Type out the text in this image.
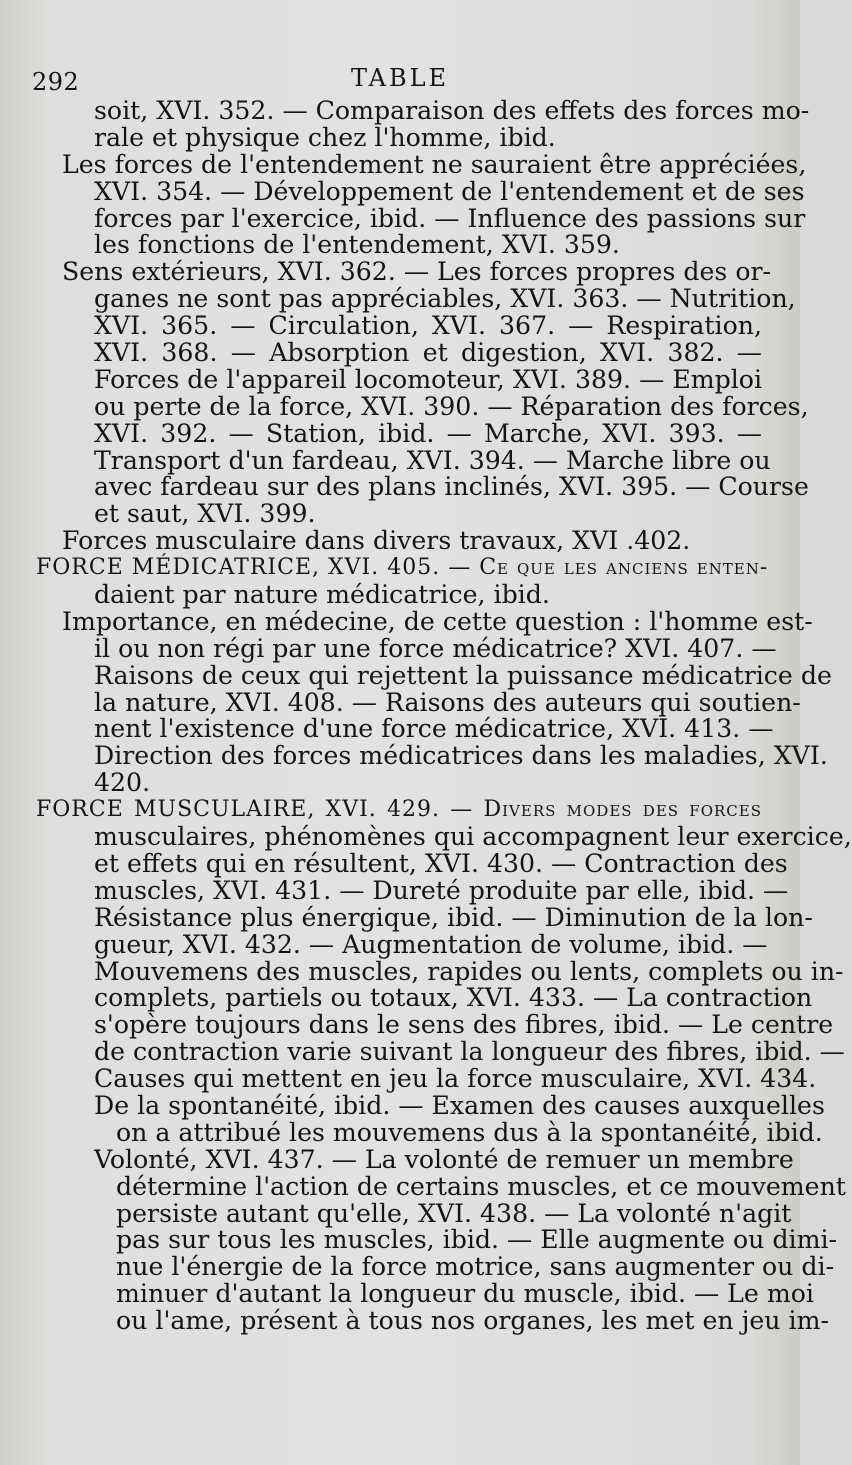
292	TABLE
soit, XVI. 352. — Comparaison des effets des forces mo-
rale et physique chez l'homme, ibid.
Les forces de l'entendement ne sauraient être appréciées,
XVI. 354. — Développement de l'entendement et de ses
forces par l'exercice, ibid. — Influence des passions sur
les fonctions de l'entendement, XVI. 359.
Sens extérieurs, XVI. 362. — Les forces propres des or-
ganes ne sont pas appréciables, XVI. 363. — Nutrition,
XVI. 365. — Circulation, XVI. 367. — Respiration,
XVI. 368. — Absorption et digestion, XVI. 382. —
Forces de l'appareil locomoteur, XVI. 389. — Emploi
ou perte de la force, XVI. 390. — Réparation des forces,
XVI. 392. — Station, ibid. — Marche, XVI. 393. —
Transport d'un fardeau, XVI. 394. — Marche libre ou
avec fardeau sur des plans inclinés, XVI. 395. — Course
et saut, XVI. 399.
Forces musculaire dans divers travaux, XVI .402.
FORCE MÉDICATRICE, XVI. 405. — Ce que les anciens enten-
daient par nature médicatrice, ibid.
Importance, en médecine, de cette question : l'homme est-
il ou non régi par une force médicatrice? XVI. 407. —
Raisons de ceux qui rejettent la puissance médicatrice de
la nature, XVI. 408. — Raisons des auteurs qui soutien-
nent l'existence d'une force médicatrice, XVI. 413. —
Direction des forces médicatrices dans les maladies, XVI.
420.
FORCE MUSCULAIRE, XVI. 429. — Divers modes des forces
musculaires, phénomènes qui accompagnent leur exercice,
et effets qui en résultent, XVI. 430. — Contraction des
muscles, XVI. 431. — Dureté produite par elle, ibid. —
Résistance plus énergique, ibid. — Diminution de la lon-
gueur, XVI. 432. — Augmentation de volume, ibid. —
Mouvemens des muscles, rapides ou lents, complets ou in-
complets, partiels ou totaux, XVI. 433. — La contraction
s'opère toujours dans le sens des fibres, ibid. — Le centre
de contraction varie suivant la longueur des fibres, ibid. —
Causes qui mettent en jeu la force musculaire, XVI. 434.
De la spontanéité, ibid. — Examen des causes auxquelles
on a attribué les mouvemens dus à la spontanéité, ibid.
Volonté, XVI. 437. — La volonté de remuer un membre
détermine l'action de certains muscles, et ce mouvement
persiste autant qu'elle, XVI. 438. — La volonté n'agit
pas sur tous les muscles, ibid. — Elle augmente ou dimi-
nue l'énergie de la force motrice, sans augmenter ou di-
minuer d'autant la longueur du muscle, ibid. — Le moi
ou l'ame, présent à tous nos organes, les met en jeu im-
